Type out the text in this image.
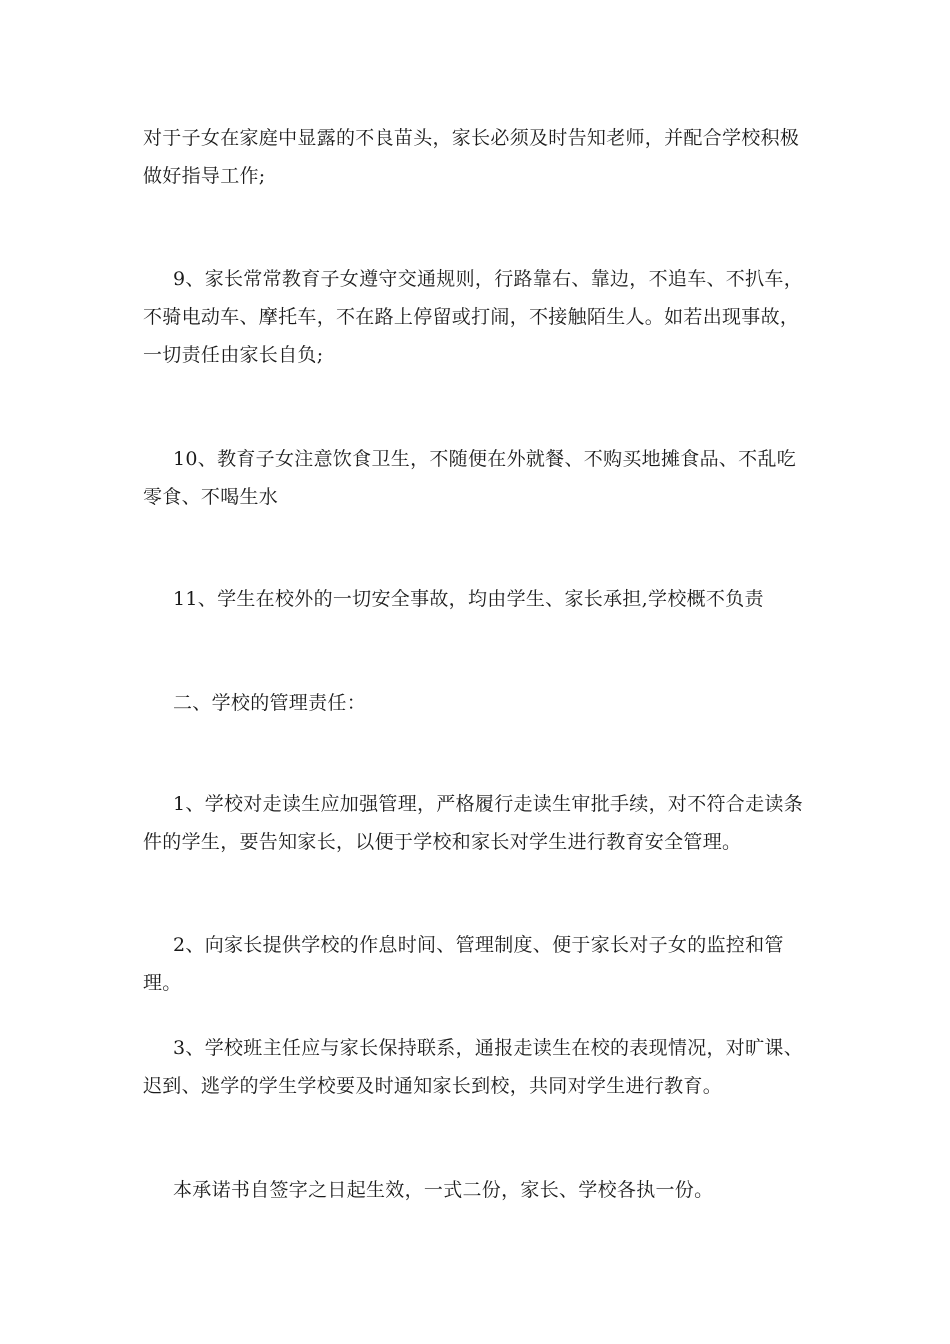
对于子女在家庭中显露的不良苗头，家长必须及时告知老师，并配合学校积极做好指导工作;

9、家长常常教育子女遵守交通规则，行路靠右、靠边，不追车、不扒车，不骑电动车、摩托车，不在路上停留或打闹，不接触陌生人。如若出现事故，一切责任由家长自负;

10、教育子女注意饮食卫生，不随便在外就餐、不购买地摊食品、不乱吃零食、不喝生水

11、学生在校外的一切安全事故，均由学生、家长承担,学校概不负责

二、学校的管理责任：

1、学校对走读生应加强管理，严格履行走读生审批手续，对不符合走读条件的学生，要告知家长，以便于学校和家长对学生进行教育安全管理。

2、向家长提供学校的作息时间、管理制度、便于家长对子女的监控和管理。

3、学校班主任应与家长保持联系，通报走读生在校的表现情况，对旷课、迟到、逃学的学生学校要及时通知家长到校，共同对学生进行教育。

本承诺书自签字之日起生效，一式二份，家长、学校各执一份。
